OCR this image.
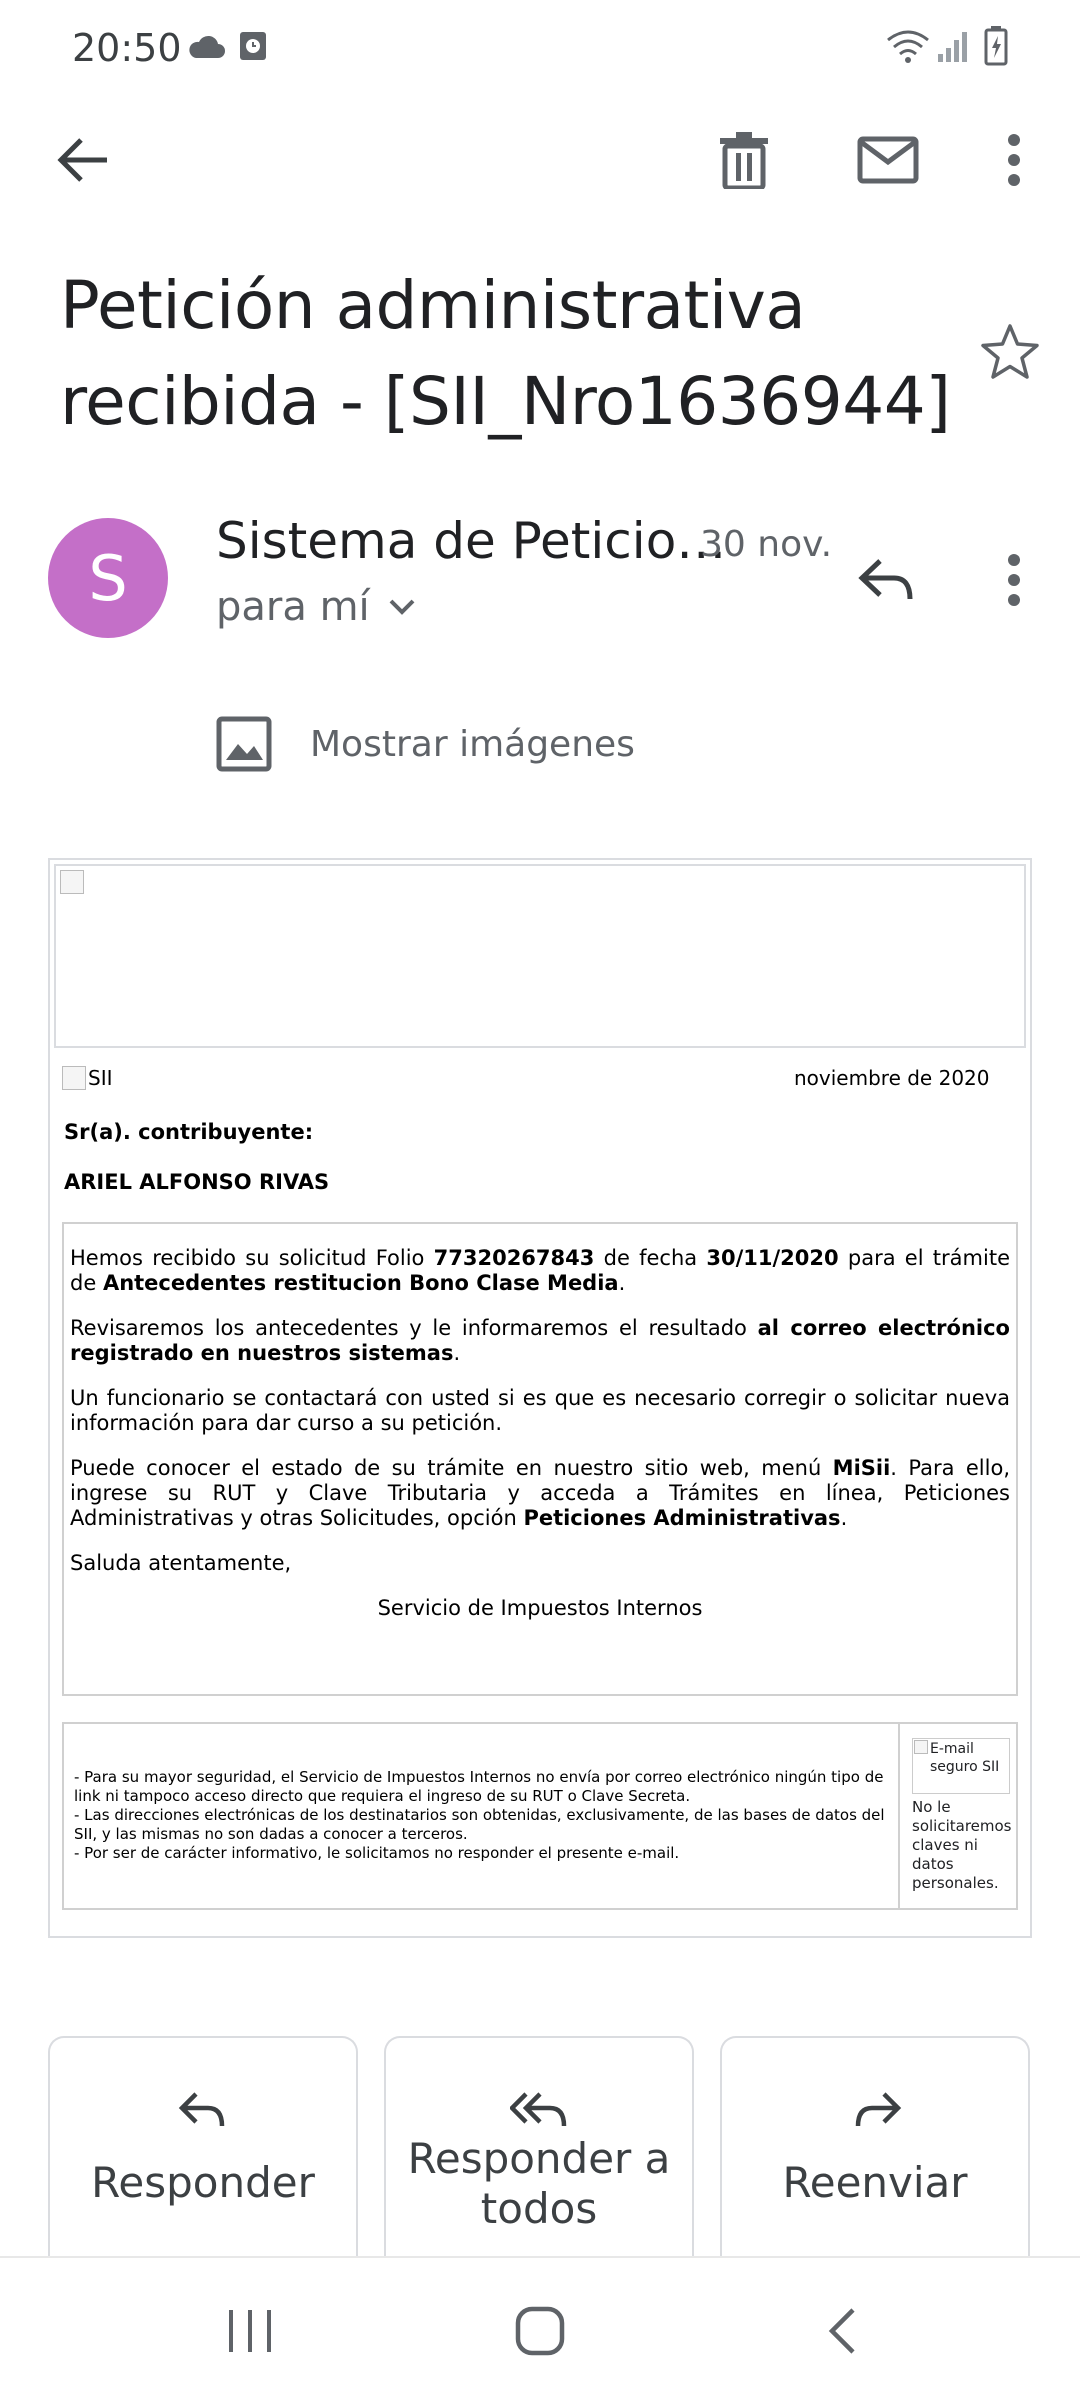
20:50
Petición administrativa recibida - [SII_Nro1636944]
S
Sistema de Peticio…
30 nov.
para mí
Mostrar imágenes
SII	noviembre de 2020
Sr(a). contribuyente:
ARIEL ALFONSO RIVAS

Hemos recibido su solicitud Folio 77320267843 de fecha 30/11/2020 para el trámite de Antecedentes restitucion Bono Clase Media.

Revisaremos los antecedentes y le informaremos el resultado al correo electrónico registrado en nuestros sistemas.

Un funcionario se contactará con usted si es que es necesario corregir o solicitar nueva información para dar curso a su petición.

Puede conocer el estado de su trámite en nuestro sitio web, menú MiSii. Para ello, ingrese su RUT y Clave Tributaria y acceda a Trámites en línea, Peticiones Administrativas y otras Solicitudes, opción Peticiones Administrativas.

Saluda atentamente,

Servicio de Impuestos Internos
- Para su mayor seguridad, el Servicio de Impuestos Internos no envía por correo electrónico ningún tipo de link ni tampoco acceso directo que requiera el ingreso de su RUT o Clave Secreta.
- Las direcciones electrónicas de los destinatarios son obtenidas, exclusivamente, de las bases de datos del SII, y las mismas no son dadas a conocer a terceros.
- Por ser de carácter informativo, le solicitamos no responder el presente e-mail.
E-mail seguro SII
No le solicitaremos claves ni datos personales.
Responder	Responder a todos
Reenviar
